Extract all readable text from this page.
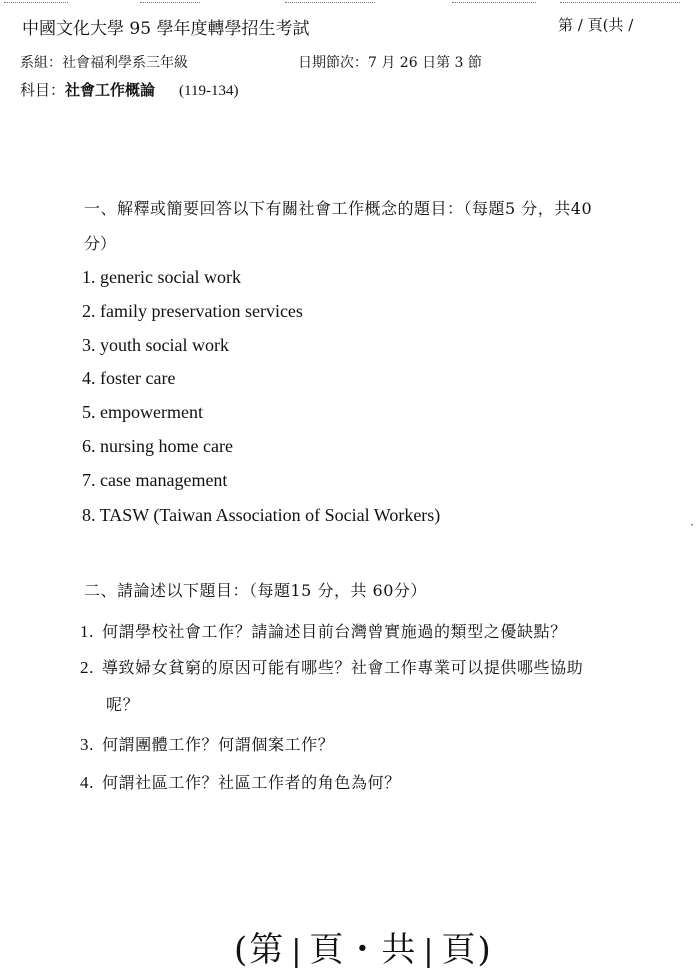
中國文化大學 95 學年度轉學招生考試	第 / 頁(共 /
系組：社會福利學系三年級	日期節次：7 月 26 日第 3 節
科目：社會工作概論 (119-134)
一、解釋或簡要回答以下有關社會工作概念的題目：（每題5 分，共40
分）
1. generic social work
2. family preservation services
3. youth social work
4. foster care
5. empowerment
6. nursing home care
7. case management
8. TASW (Taiwan Association of Social Workers)	·
二、請論述以下題目：（每題15 分，共 60分）
1. 何謂學校社會工作？請論述目前台灣曾實施過的類型之優缺點？
2. 導致婦女貧窮的原因可能有哪些？社會工作專業可以提供哪些協助
呢？
3. 何謂團體工作？何謂個案工作？
4. 何謂社區工作？社區工作者的角色為何？
(第 | 頁・共 | 頁)
